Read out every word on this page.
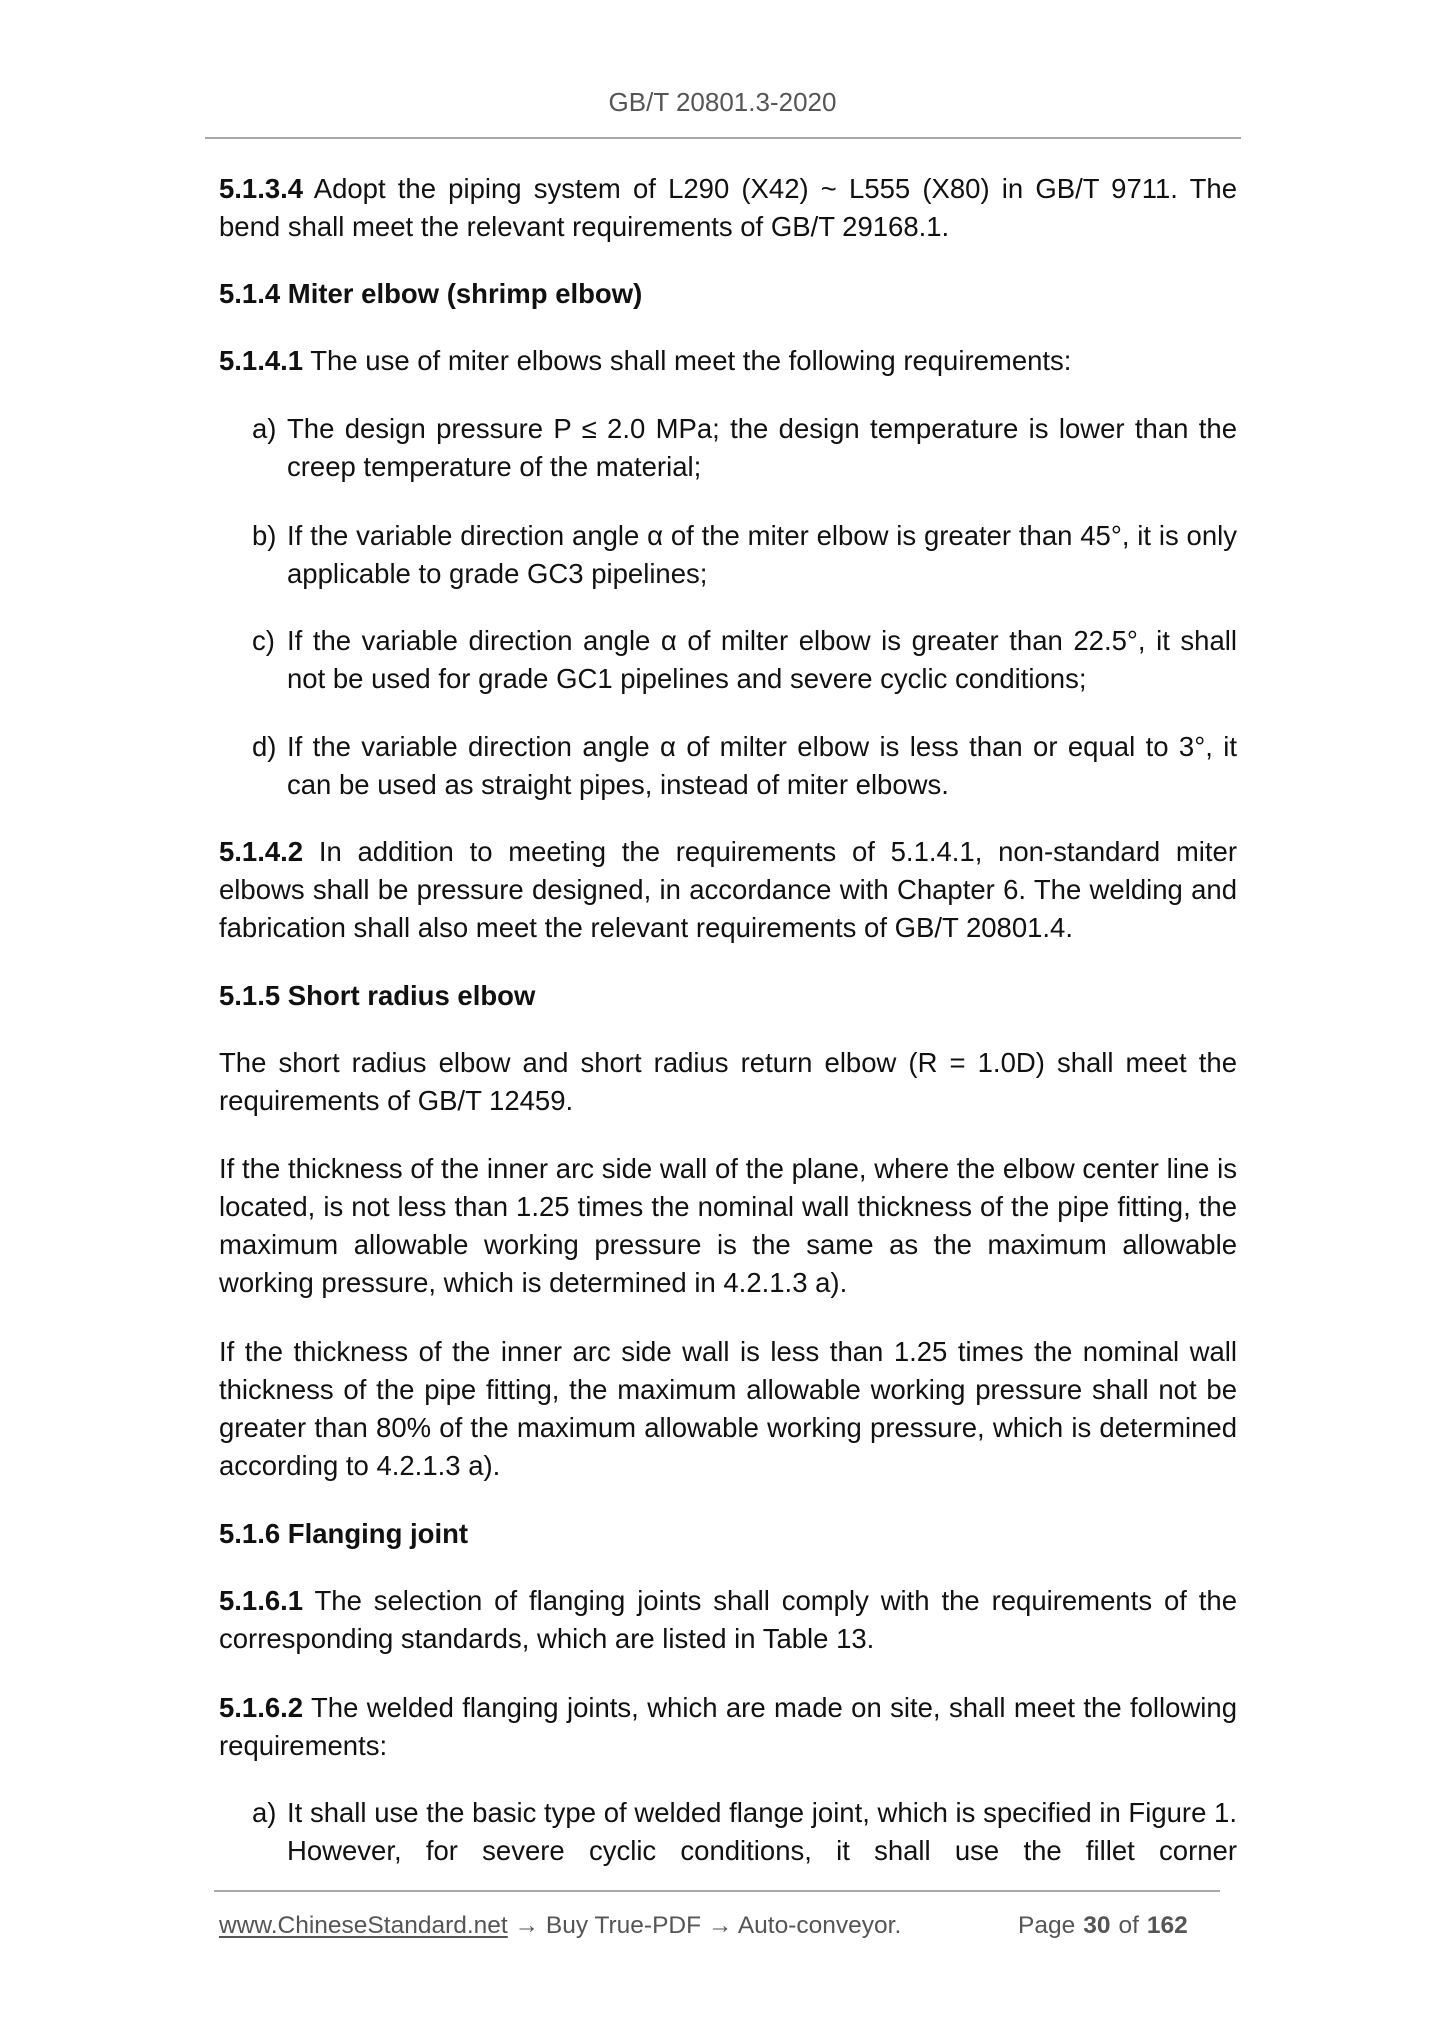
GB/T 20801.3-2020

5.1.3.4 Adopt the piping system of L290 (X42) ~ L555 (X80) in GB/T 9711. The bend shall meet the relevant requirements of GB/T 29168.1.

5.1.4 Miter elbow (shrimp elbow)

5.1.4.1 The use of miter elbows shall meet the following requirements:

a) The design pressure P ≤ 2.0 MPa; the design temperature is lower than the creep temperature of the material;

b) If the variable direction angle α of the miter elbow is greater than 45°, it is only applicable to grade GC3 pipelines;

c) If the variable direction angle α of milter elbow is greater than 22.5°, it shall not be used for grade GC1 pipelines and severe cyclic conditions;

d) If the variable direction angle α of milter elbow is less than or equal to 3°, it can be used as straight pipes, instead of miter elbows.

5.1.4.2 In addition to meeting the requirements of 5.1.4.1, non-standard miter elbows shall be pressure designed, in accordance with Chapter 6. The welding and fabrication shall also meet the relevant requirements of GB/T 20801.4.

5.1.5 Short radius elbow

The short radius elbow and short radius return elbow (R = 1.0D) shall meet the requirements of GB/T 12459.

If the thickness of the inner arc side wall of the plane, where the elbow center line is located, is not less than 1.25 times the nominal wall thickness of the pipe fitting, the maximum allowable working pressure is the same as the maximum allowable working pressure, which is determined in 4.2.1.3 a).

If the thickness of the inner arc side wall is less than 1.25 times the nominal wall thickness of the pipe fitting, the maximum allowable working pressure shall not be greater than 80% of the maximum allowable working pressure, which is determined according to 4.2.1.3 a).

5.1.6 Flanging joint

5.1.6.1 The selection of flanging joints shall comply with the requirements of the corresponding standards, which are listed in Table 13.

5.1.6.2 The welded flanging joints, which are made on site, shall meet the following requirements:

a) It shall use the basic type of welded flange joint, which is specified in Figure 1. However, for severe cyclic conditions, it shall use the fillet corner

www.ChineseStandard.net → Buy True-PDF → Auto-conveyor.	Page 30 of 162
